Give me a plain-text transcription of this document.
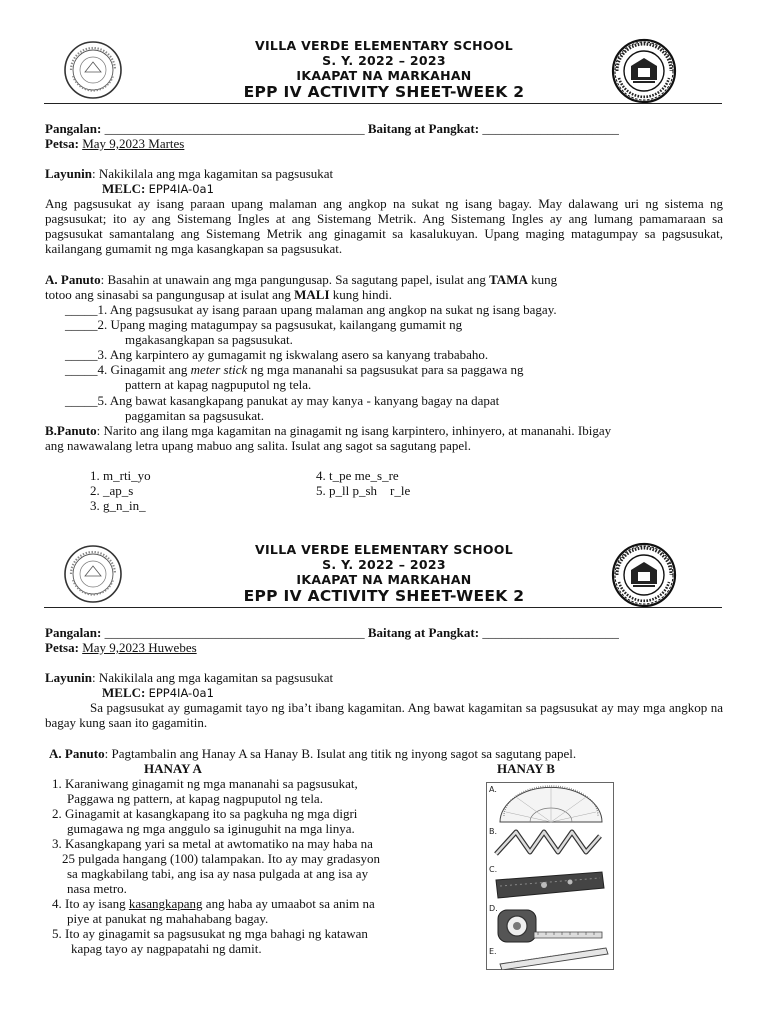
VILLA VERDE ELEMENTARY SCHOOL
S. Y. 2022 – 2023
IKAAPAT NA MARKAHAN
EPP IV ACTIVITY SHEET-WEEK 2
Pangalan: ________________________________________ Baitang at Pangkat: _____________________
Petsa: May 9,2023 Martes
Layunin: Nakikilala ang mga kagamitan sa pagsusukat
MELC: EPP4IA-0a1
Ang pagsusukat ay isang paraan upang malaman ang angkop na sukat ng isang bagay. May dalawang uri ng sistema ng pagsusukat; ito ay ang Sistemang Ingles at ang Sistemang Metrik. Ang Sistemang Ingles ay ang lumang pamamaraan sa pagsusukat samantalang ang Sistemang Metrik ang ginagamit sa kasalukuyan. Upang maging matagumpay sa pagsusukat, kailangang gumamit ng mga kasangkapan sa pagsusukat.
A. Panuto: Basahin at unawain ang mga pangungusap. Sa sagutang papel, isulat ang TAMA kung
totoo ang sinasabi sa pangungusap at isulat ang MALI kung hindi.
_____1. Ang pagsusukat ay isang paraan upang malaman ang angkop na sukat ng isang bagay.
_____2. Upang maging matagumpay sa pagsusukat, kailangang gumamit ng
mgakasangkapan sa pagsusukat.
_____3. Ang karpintero ay gumagamit ng iskwalang asero sa kanyang trababaho.
_____4. Ginagamit ang meter stick ng mga mananahi sa pagsusukat para sa paggawa ng
pattern at kapag nagpuputol ng tela.
_____5. Ang bawat kasangkapang panukat ay may kanya - kanyang bagay na dapat
paggamitan sa pagsusukat.
B.Panuto: Narito ang ilang mga kagamitan na ginagamit ng isang karpintero, inhinyero, at mananahi. Ibigay
ang nawawalang letra upang mabuo ang salita. Isulat ang sagot sa sagutang papel.
1. m_rti_yo
2. _ap_s
3. g_n_in_
4. t_pe me_s_re
5. p_ll p_sh    r_le
VILLA VERDE ELEMENTARY SCHOOL
S. Y. 2022 – 2023
IKAAPAT NA MARKAHAN
EPP IV ACTIVITY SHEET-WEEK 2
Pangalan: ________________________________________ Baitang at Pangkat: _____________________
Petsa: May 9,2023 Huwebes
Layunin: Nakikilala ang mga kagamitan sa pagsusukat
MELC: EPP4IA-0a1
Sa pagsusukat ay gumagamit tayo ng iba’t ibang kagamitan. Ang bawat kagamitan sa pagsusukat ay may mga angkop na bagay kung saan ito gagamitin.
A. Panuto: Pagtambalin ang Hanay A sa Hanay B. Isulat ang titik ng inyong sagot sa sagutang papel.
HANAY A	HANAY B
1. Karaniwang ginagamit ng mga mananahi sa pagsusukat,
Paggawa ng pattern, at kapag nagpuputol ng tela.
2. Ginagamit at kasangkapang ito sa pagkuha ng mga digri
gumagawa ng mga anggulo sa iginuguhit na mga linya.
3. Kasangkapang yari sa metal at awtomatiko na may haba na
25 pulgada hangang (100) talampakan. Ito ay may gradasyon
sa magkabilang tabi, ang isa ay nasa pulgada at ang isa ay
nasa metro.
4. Ito ay isang kasangkapang ang haba ay umaabot sa anim na
piye at panukat ng mahahabang bagay.
5. Ito ay ginagamit sa pagsusukat ng mga bahagi ng katawan
kapag tayo ay nagpapatahi ng damit.
A.
B.
C.
D.
E.
